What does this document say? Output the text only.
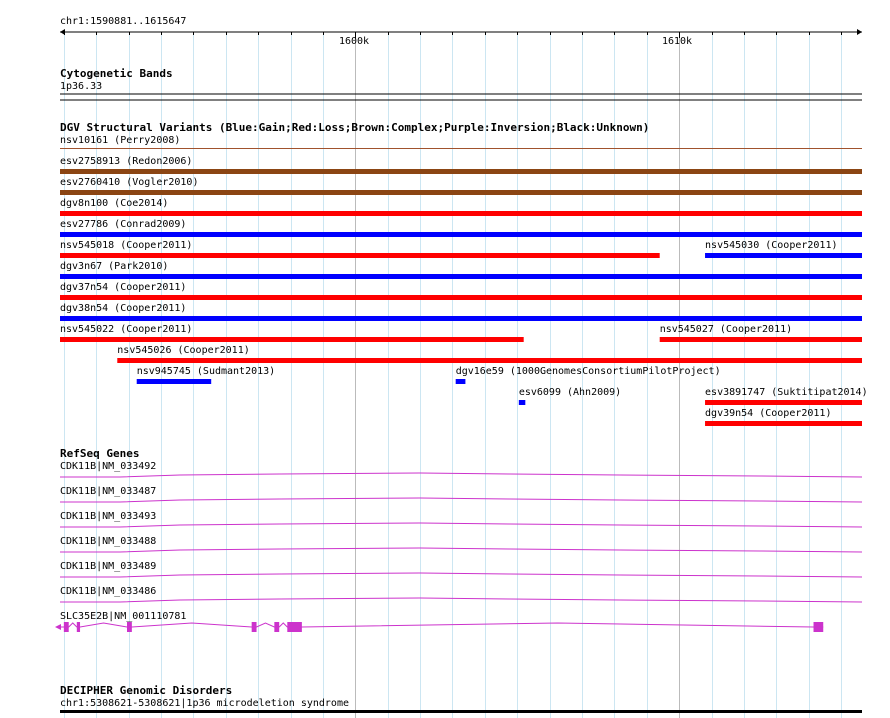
chr1:1590881..1615647
1600k	1610k
Cytogenetic Bands
1p36.33
DGV Structural Variants (Blue:Gain;Red:Loss;Brown:Complex;Purple:Inversion;Black:Unknown)
nsv10161 (Perry2008)
esv2758913 (Redon2006)
esv2760410 (Vogler2010)
dgv8n100 (Coe2014)
esv27786 (Conrad2009)
nsv545018 (Cooper2011)	nsv545030 (Cooper2011)
dgv3n67 (Park2010)
dgv37n54 (Cooper2011)
dgv38n54 (Cooper2011)
nsv545022 (Cooper2011)	nsv545027 (Cooper2011)
nsv545026 (Cooper2011)
nsv945745 (Sudmant2013)	dgv16e59 (1000GenomesConsortiumPilotProject)
esv6099 (Ahn2009)	esv3891747 (Suktitipat2014)
dgv39n54 (Cooper2011)
RefSeq Genes
CDK11B|NM_033492
CDK11B|NM_033487
CDK11B|NM_033493
CDK11B|NM_033488
CDK11B|NM_033489
CDK11B|NM_033486
SLC35E2B|NM_001110781
DECIPHER Genomic Disorders
chr1:5308621-5308621|1p36 microdeletion syndrome
